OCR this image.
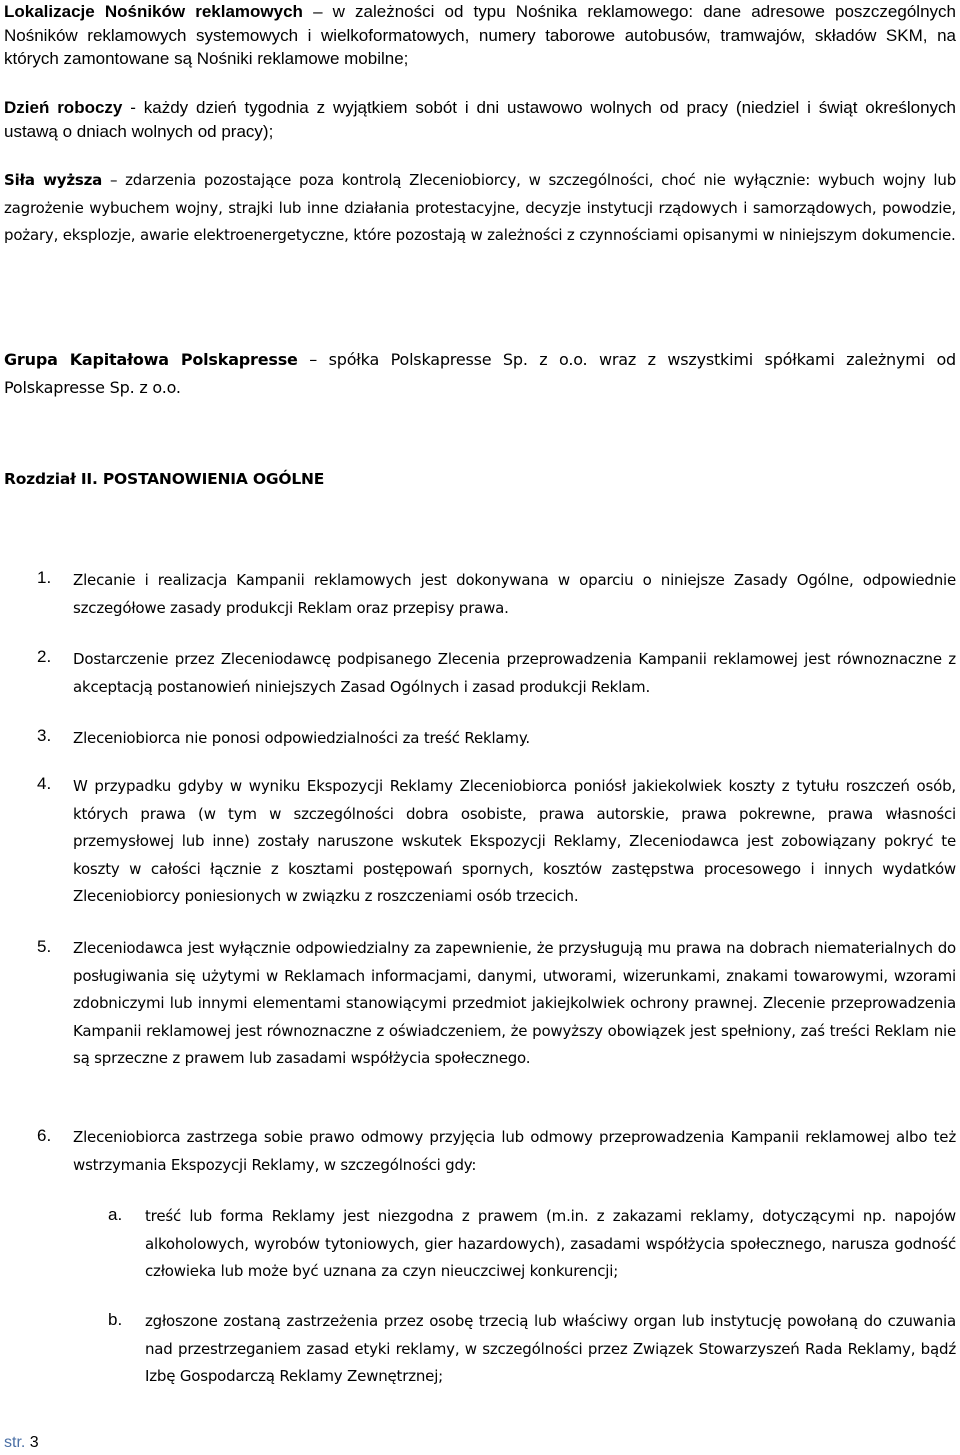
Lokalizacje Nośników reklamowych – w zależności od typu Nośnika reklamowego: dane adresowe poszczególnych Nośników reklamowych systemowych i wielkoformatowych, numery taborowe autobusów, tramwajów, składów SKM, na których zamontowane są Nośniki reklamowe mobilne;
Dzień roboczy - każdy dzień tygodnia z wyjątkiem sobót i dni ustawowo wolnych od pracy (niedziel i świąt określonych ustawą o dniach wolnych od pracy);
Siła wyższa – zdarzenia pozostające poza kontrolą Zleceniobiorcy, w szczególności, choć nie wyłącznie: wybuch wojny lub zagrożenie wybuchem wojny, strajki lub inne działania protestacyjne, decyzje instytucji rządowych i samorządowych, powodzie, pożary, eksplozje, awarie elektroenergetyczne, które pozostają w zależności z czynnościami opisanymi w niniejszym dokumencie.
Grupa Kapitałowa Polskapresse – spółka Polskapresse Sp. z o.o. wraz z wszystkimi spółkami zależnymi od Polskapresse Sp. z o.o.
Rozdział II. POSTANOWIENIA OGÓLNE
1. Zlecanie i realizacja Kampanii reklamowych jest dokonywana w oparciu o niniejsze Zasady Ogólne, odpowiednie szczegółowe zasady produkcji Reklam oraz przepisy prawa.
2. Dostarczenie przez Zleceniodawcę podpisanego Zlecenia przeprowadzenia Kampanii reklamowej jest równoznaczne z akceptacją postanowień niniejszych Zasad Ogólnych i zasad produkcji Reklam.
3. Zleceniobiorca nie ponosi odpowiedzialności za treść Reklamy.
4. W przypadku gdyby w wyniku Ekspozycji Reklamy Zleceniobiorca poniósł jakiekolwiek koszty z tytułu roszczeń osób, których prawa (w tym w szczególności dobra osobiste, prawa autorskie, prawa pokrewne, prawa własności przemysłowej lub inne) zostały naruszone wskutek Ekspozycji Reklamy, Zleceniodawca jest zobowiązany pokryć te koszty w całości łącznie z kosztami postępowań spornych, kosztów zastępstwa procesowego i innych wydatków Zleceniobiorcy poniesionych w związku z roszczeniami osób trzecich.
5. Zleceniodawca jest wyłącznie odpowiedzialny za zapewnienie, że przysługują mu prawa na dobrach niematerialnych do posługiwania się użytymi w Reklamach informacjami, danymi, utworami, wizerunkami, znakami towarowymi, wzorami zdobniczymi lub innymi elementami stanowiącymi przedmiot jakiejkolwiek ochrony prawnej. Zlecenie przeprowadzenia Kampanii reklamowej jest równoznaczne z oświadczeniem, że powyższy obowiązek jest spełniony, zaś treści Reklam nie są sprzeczne z prawem lub zasadami współżycia społecznego.
6. Zleceniobiorca zastrzega sobie prawo odmowy przyjęcia lub odmowy przeprowadzenia Kampanii reklamowej albo też wstrzymania Ekspozycji Reklamy, w szczególności gdy:
a. treść lub forma Reklamy jest niezgodna z prawem (m.in. z zakazami reklamy, dotyczącymi np. napojów alkoholowych, wyrobów tytoniowych, gier hazardowych), zasadami współżycia społecznego, narusza godność człowieka lub może być uznana za czyn nieuczciwej konkurencji;
b. zgłoszone zostaną zastrzeżenia przez osobę trzecią lub właściwy organ lub instytucję powołaną do czuwania nad przestrzeganiem zasad etyki reklamy, w szczególności przez Związek Stowarzyszeń Rada Reklamy, bądź Izbę Gospodarczą Reklamy Zewnętrznej;
str. 3
